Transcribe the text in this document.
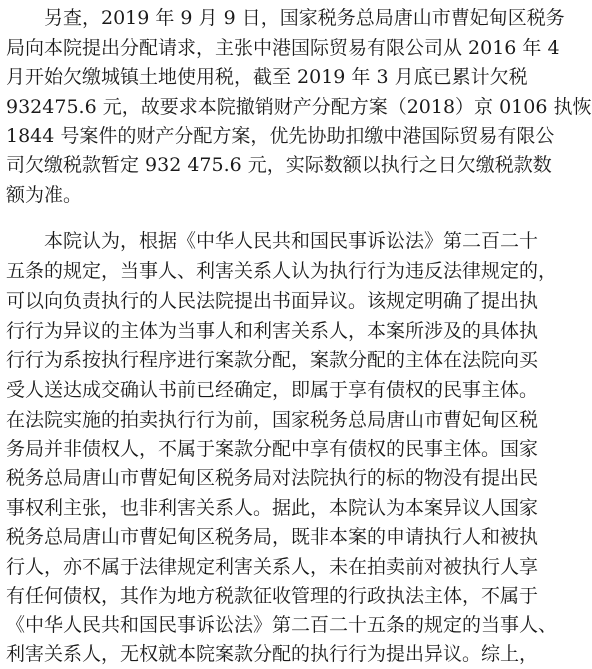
另查，2019 年 9 月 9 日，国家税务总局唐山市曹妃甸区税务
局向本院提出分配请求，主张中港国际贸易有限公司从 2016 年 4
月开始欠缴城镇土地使用税，截至 2019 年 3 月底已累计欠税
932475.6 元，故要求本院撤销财产分配方案（2018）京 0106 执恢
1844 号案件的财产分配方案，优先协助扣缴中港国际贸易有限公
司欠缴税款暂定 932 475.6 元，实际数额以执行之日欠缴税款数
额为准。
本院认为，根据《中华人民共和国民事诉讼法》第二百二十
五条的规定，当事人、利害关系人认为执行行为违反法律规定的，
可以向负责执行的人民法院提出书面异议。该规定明确了提出执
行行为异议的主体为当事人和利害关系人，本案所涉及的具体执
行行为系按执行程序进行案款分配，案款分配的主体在法院向买
受人送达成交确认书前已经确定，即属于享有债权的民事主体。
在法院实施的拍卖执行行为前，国家税务总局唐山市曹妃甸区税
务局并非债权人，不属于案款分配中享有债权的民事主体。国家
税务总局唐山市曹妃甸区税务局对法院执行的标的物没有提出民
事权利主张，也非利害关系人。据此，本院认为本案异议人国家
税务总局唐山市曹妃甸区税务局，既非本案的申请执行人和被执
行人，亦不属于法律规定利害关系人，未在拍卖前对被执行人享
有任何债权，其作为地方税款征收管理的行政执法主体，不属于
《中华人民共和国民事诉讼法》第二百二十五条的规定的当事人、
利害关系人，无权就本院案款分配的执行行为提出异议。综上，
